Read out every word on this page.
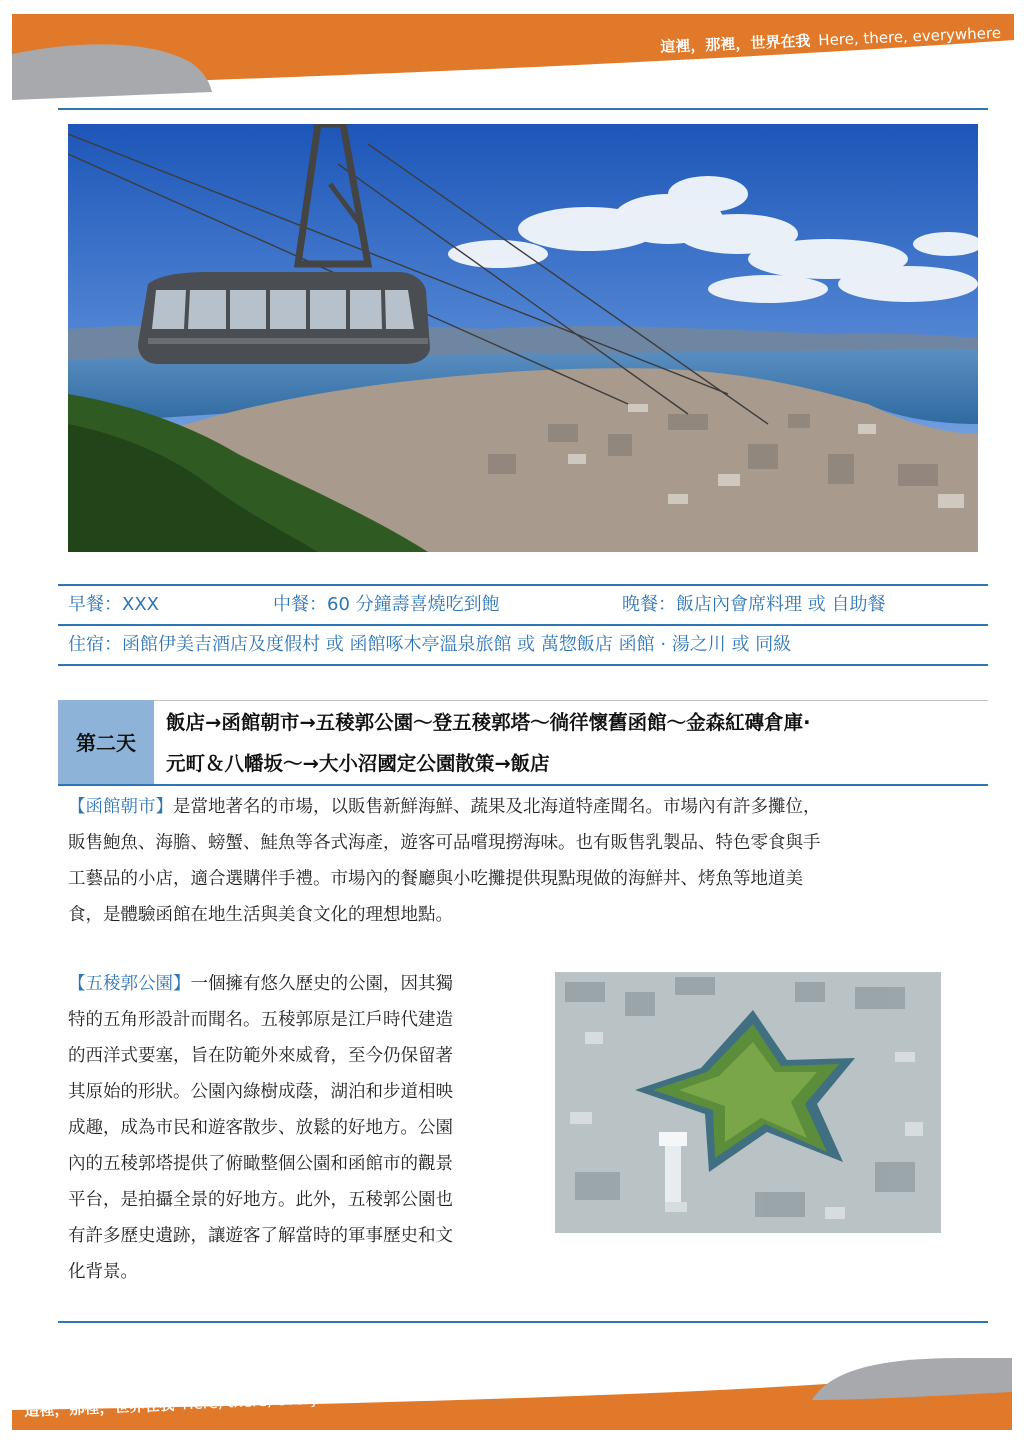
這裡，那裡，世界在我 Here, there, everywhere
早餐：XXX	中餐：60 分鐘壽喜燒吃到飽	晚餐：飯店內會席料理 或 自助餐
住宿：函館伊美吉酒店及度假村 或 函館啄木亭溫泉旅館 或 萬惣飯店 函館 · 湯之川 或 同級
第二天
飯店→函館朝市→五稜郭公園～登五稜郭塔～徜徉懷舊函館～金森紅磚倉庫·
元町＆八幡坂～→大小沼國定公園散策→飯店
【函館朝市】是當地著名的市場，以販售新鮮海鮮、蔬果及北海道特產聞名。市場內有許多攤位，
販售鮑魚、海膽、螃蟹、鮭魚等各式海產，遊客可品嚐現撈海味。也有販售乳製品、特色零食與手
工藝品的小店，適合選購伴手禮。市場內的餐廳與小吃攤提供現點現做的海鮮丼、烤魚等地道美
食，是體驗函館在地生活與美食文化的理想地點。
【五稜郭公園】一個擁有悠久歷史的公園，因其獨
特的五角形設計而聞名。五稜郭原是江戶時代建造
的西洋式要塞，旨在防範外來威脅，至今仍保留著
其原始的形狀。公園內綠樹成蔭，湖泊和步道相映
成趣，成為市民和遊客散步、放鬆的好地方。公園
內的五稜郭塔提供了俯瞰整個公園和函館市的觀景
平台，是拍攝全景的好地方。此外，五稜郭公園也
有許多歷史遺跡，讓遊客了解當時的軍事歷史和文
化背景。
這裡，那裡，世界在我 Here, there, everywhere
